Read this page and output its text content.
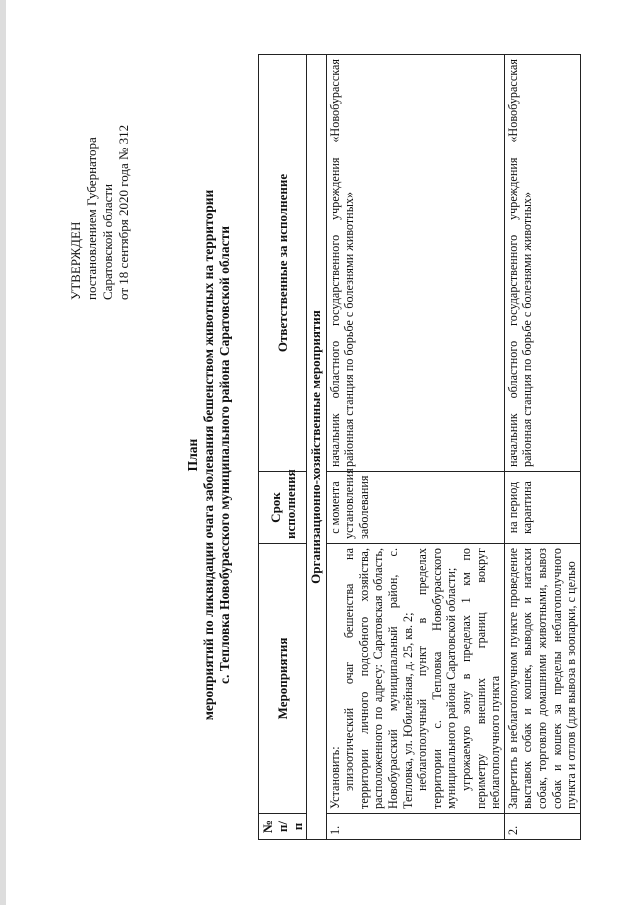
УТВЕРЖДЕН постановлением Губернатора Саратовской области от 18 сентября 2020 года № 312
План мероприятий по ликвидации очага заболевания бешенством животных на территории с. Тепловка Новобурасского муниципального района Саратовской области
№ п/п	Мероприятия	Срок исполнения	Ответственные за исполнение
Организационно-хозяйственные мероприятия			
1.	Установить: эпизоотический очаг бешенства на территории личного подсобного хозяйства, расположенного по адресу: Саратовская область, Новобурасский муниципальный район, с. Тепловка, ул. Юбилейная, д. 25, кв. 2; неблагополучный пункт в пределах территории с. Тепловка Новобурасского муниципального района Саратовской области; угрожаемую зону в пределах 1 км по периметру внешних границ вокруг неблагополучного пункта	с момента установления заболевания	начальник областного государственного учреждения «Новобурасская районная станция по борьбе с болезнями животных»
2.	Запретить в неблагополучном пункте проведение выставок собак и кошек, выводок и натаски собак, торговлю домашними животными, вывоз собак и кошек за пределы неблагополучного пункта и отлов (для вывоза в зоопарки, с целью	на период карантина	начальник областного государственного учреждения «Новобурасская районная станция по борьбе с болезнями животных»
